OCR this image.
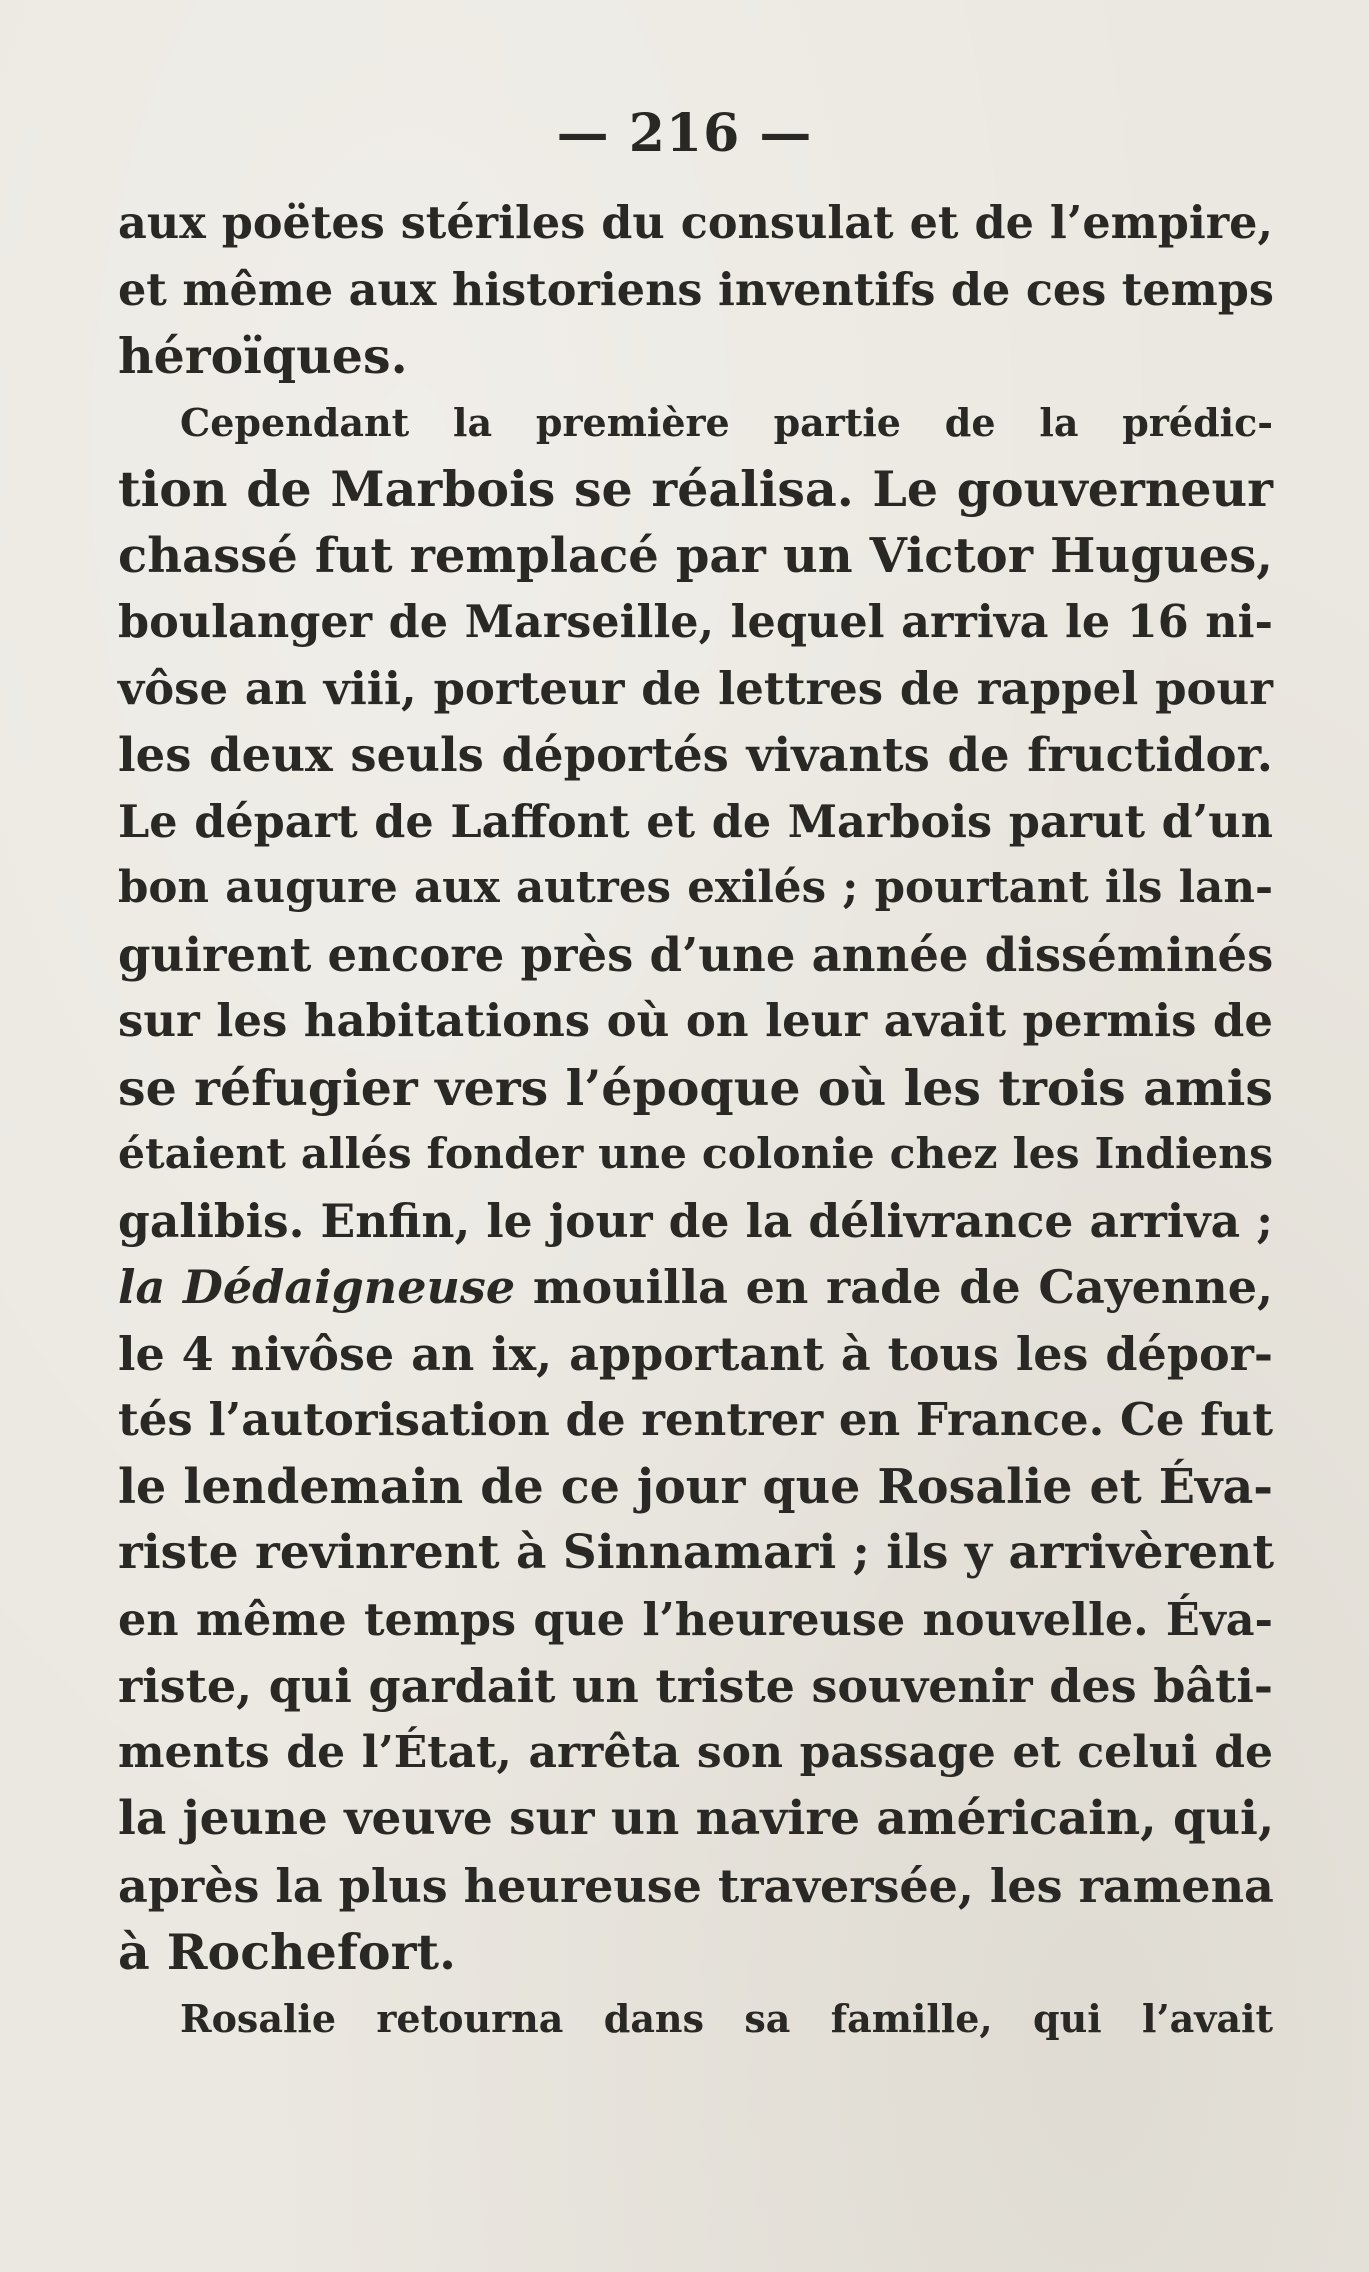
— 216 —
aux poëtes stériles du consulat et de l’empire,
et même aux historiens inventifs de ces temps
héroïques.
Cependant la première partie de la prédic-
tion de Marbois se réalisa. Le gouverneur
chassé fut remplacé par un Victor Hugues,
boulanger de Marseille, lequel arriva le 16 ni-
vôse an viii, porteur de lettres de rappel pour
les deux seuls déportés vivants de fructidor.
Le départ de Laffont et de Marbois parut d’un
bon augure aux autres exilés ; pourtant ils lan-
guirent encore près d’une année disséminés
sur les habitations où on leur avait permis de
se réfugier vers l’époque où les trois amis
étaient allés fonder une colonie chez les Indiens
galibis. Enfin, le jour de la délivrance arriva ;
la Dédaigneuse mouilla en rade de Cayenne,
le 4 nivôse an ix, apportant à tous les dépor-
tés l’autorisation de rentrer en France. Ce fut
le lendemain de ce jour que Rosalie et Éva-
riste revinrent à Sinnamari ; ils y arrivèrent
en même temps que l’heureuse nouvelle. Éva-
riste, qui gardait un triste souvenir des bâti-
ments de l’État, arrêta son passage et celui de
la jeune veuve sur un navire américain, qui,
après la plus heureuse traversée, les ramena
à Rochefort.
Rosalie retourna dans sa famille, qui l’avait
